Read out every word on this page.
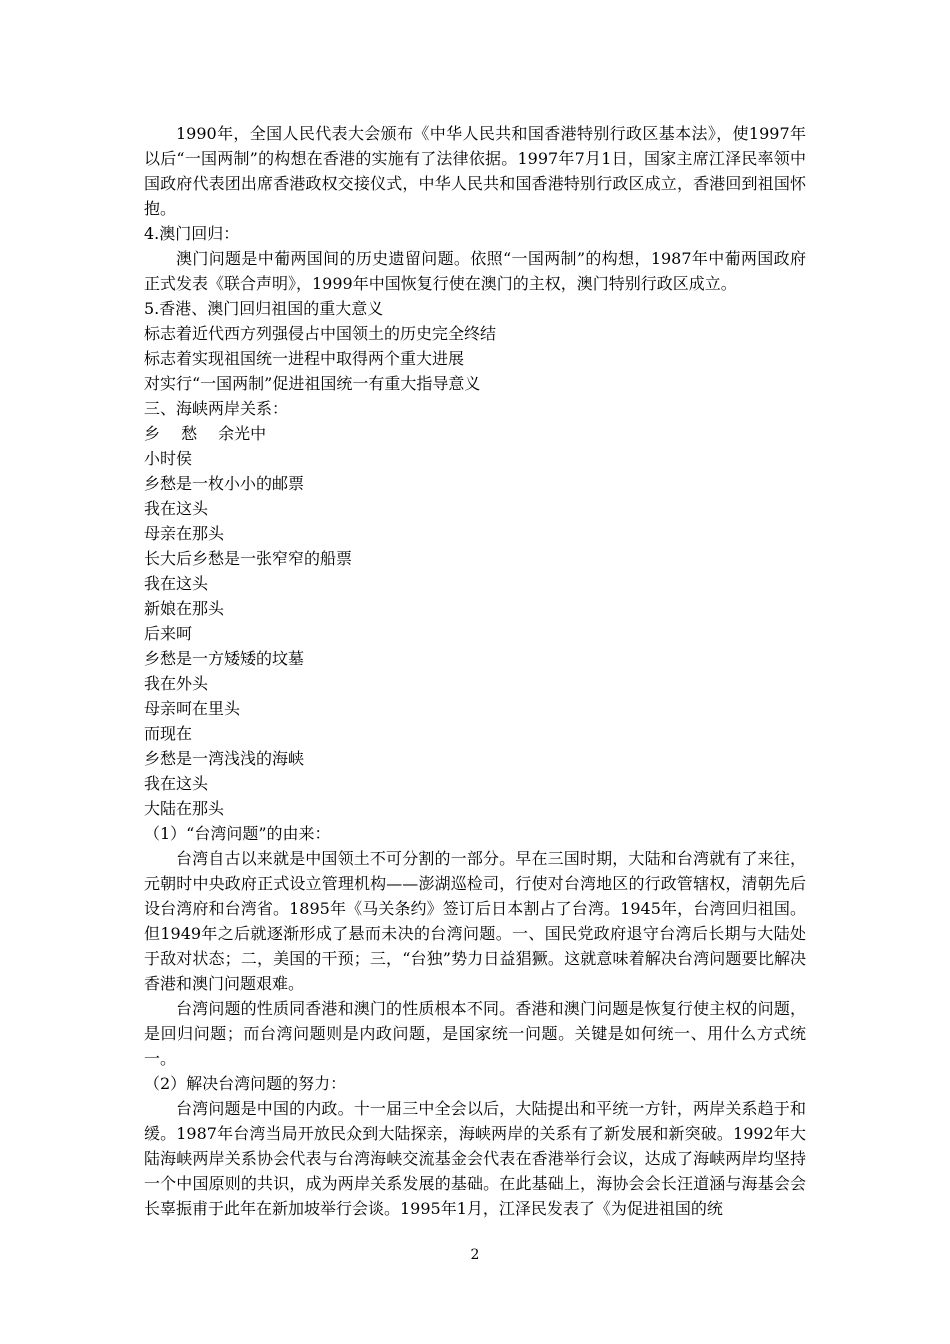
1990年，全国人民代表大会颁布《中华人民共和国香港特别行政区基本法》，使1997年以后“一国两制”的构想在香港的实施有了法律依据。1997年7月1日，国家主席江泽民率领中国政府代表团出席香港政权交接仪式，中华人民共和国香港特别行政区成立，香港回到祖国怀抱。

4.澳门回归：

澳门问题是中葡两国间的历史遗留问题。依照“一国两制”的构想，1987年中葡两国政府正式发表《联合声明》，1999年中国恢复行使在澳门的主权，澳门特别行政区成立。

5.香港、澳门回归祖国的重大意义

标志着近代西方列强侵占中国领土的历史完全终结

标志着实现祖国统一进程中取得两个重大进展

对实行“一国两制”促进祖国统一有重大指导意义

三、海峡两岸关系：

乡　 愁　 余光中

小时侯

乡愁是一枚小小的邮票

我在这头

母亲在那头

长大后乡愁是一张窄窄的船票

我在这头

新娘在那头

后来呵

乡愁是一方矮矮的坟墓

我在外头

母亲呵在里头

而现在

乡愁是一湾浅浅的海峡

我在这头

大陆在那头

（1）“台湾问题”的由来：

台湾自古以来就是中国领土不可分割的一部分。早在三国时期，大陆和台湾就有了来往，元朝时中央政府正式设立管理机构——澎湖巡检司，行使对台湾地区的行政管辖权，清朝先后设台湾府和台湾省。1895年《马关条约》签订后日本割占了台湾。1945年，台湾回归祖国。但1949年之后就逐渐形成了悬而未决的台湾问题。一、国民党政府退守台湾后长期与大陆处于敌对状态；二，美国的干预；三，“台独”势力日益猖獗。这就意味着解决台湾问题要比解决香港和澳门问题艰难。

台湾问题的性质同香港和澳门的性质根本不同。香港和澳门问题是恢复行使主权的问题，是回归问题；而台湾问题则是内政问题，是国家统一问题。关键是如何统一、用什么方式统一。

（2）解决台湾问题的努力：

台湾问题是中国的内政。十一届三中全会以后，大陆提出和平统一方针，两岸关系趋于和缓。1987年台湾当局开放民众到大陆探亲，海峡两岸的关系有了新发展和新突破。1992年大陆海峡两岸关系协会代表与台湾海峡交流基金会代表在香港举行会议，达成了海峡两岸均坚持一个中国原则的共识，成为两岸关系发展的基础。在此基础上，海协会会长汪道涵与海基会会长辜振甫于此年在新加坡举行会谈。1995年1月，江泽民发表了《为促进祖国的统

2
